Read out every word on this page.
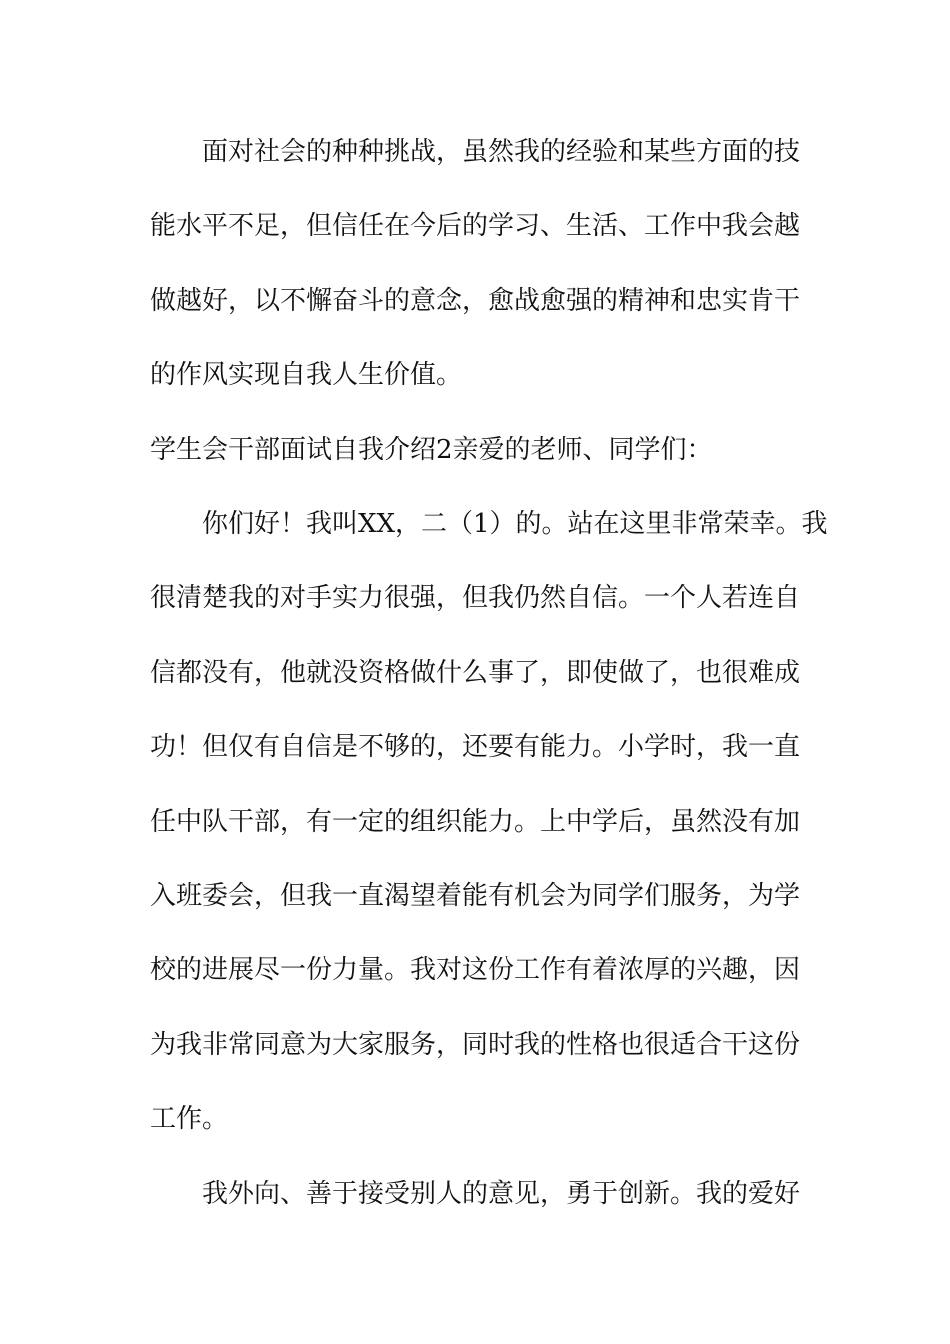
面对社会的种种挑战，虽然我的经验和某些方面的技
能水平不足，但信任在今后的学习、生活、工作中我会越
做越好，以不懈奋斗的意念，愈战愈强的精神和忠实肯干
的作风实现自我人生价值。
学生会干部面试自我介绍2亲爱的老师、同学们：
你们好！我叫XX，二（1）的。站在这里非常荣幸。我
很清楚我的对手实力很强，但我仍然自信。一个人若连自
信都没有，他就没资格做什么事了，即使做了，也很难成
功！但仅有自信是不够的，还要有能力。小学时，我一直
任中队干部，有一定的组织能力。上中学后，虽然没有加
入班委会，但我一直渴望着能有机会为同学们服务，为学
校的进展尽一份力量。我对这份工作有着浓厚的兴趣，因
为我非常同意为大家服务，同时我的性格也很适合干这份
工作。
我外向、善于接受别人的意见，勇于创新。我的爱好
